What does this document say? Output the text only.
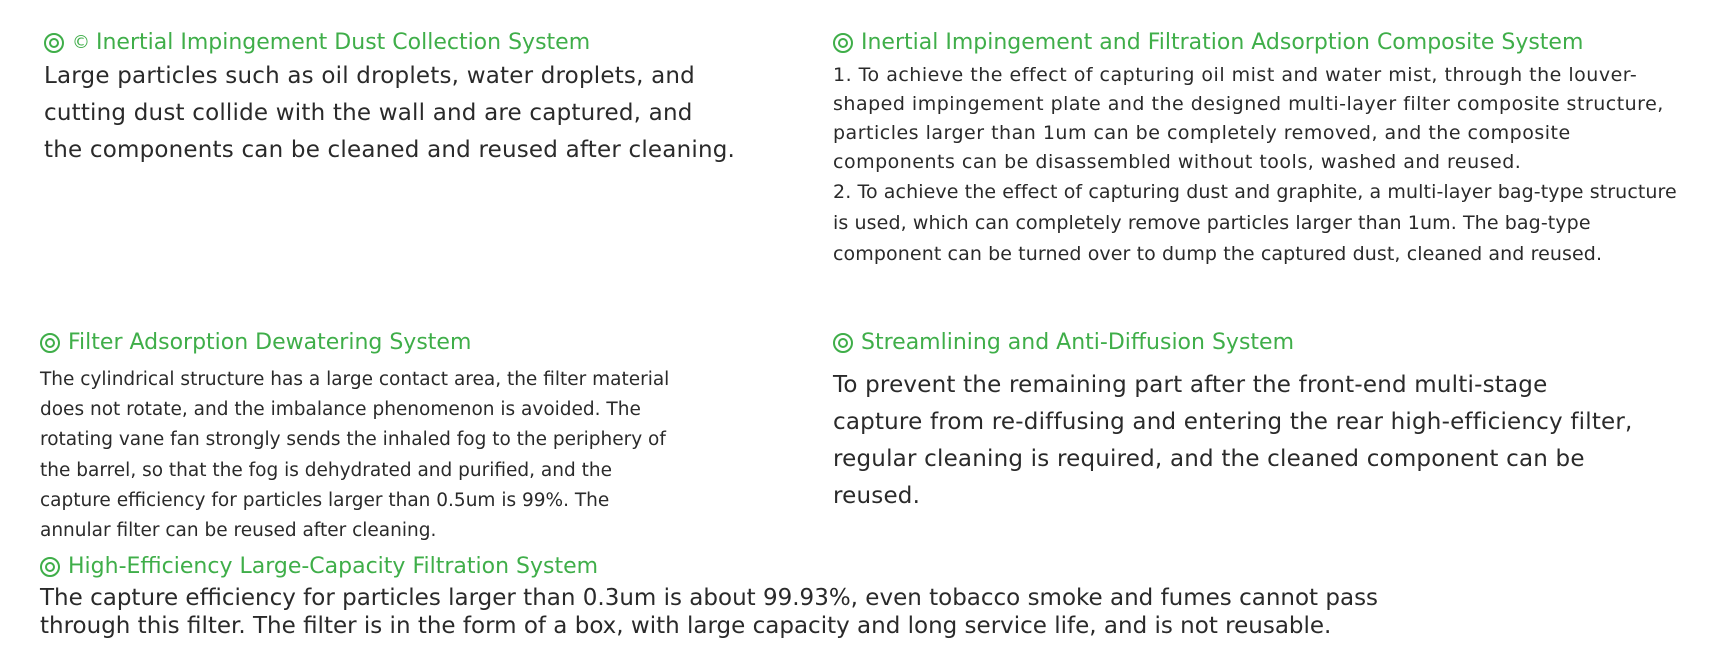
© Inertial Impingement Dust Collection System
Large particles such as oil droplets, water droplets, and
cutting dust collide with the wall and are captured, and
the components can be cleaned and reused after cleaning.
Inertial Impingement and Filtration Adsorption Composite System
1. To achieve the effect of capturing oil mist and water mist, through the louver-
shaped impingement plate and the designed multi-layer filter composite structure,
particles larger than 1um can be completely removed, and the composite
components can be disassembled without tools, washed and reused.
2. To achieve the effect of capturing dust and graphite, a multi-layer bag-type structure
is used, which can completely remove particles larger than 1um. The bag-type
component can be turned over to dump the captured dust, cleaned and reused.
Filter Adsorption Dewatering System
The cylindrical structure has a large contact area, the filter material
does not rotate, and the imbalance phenomenon is avoided. The
rotating vane fan strongly sends the inhaled fog to the periphery of
the barrel, so that the fog is dehydrated and purified, and the
capture efficiency for particles larger than 0.5um is 99%. The
annular filter can be reused after cleaning.
Streamlining and Anti-Diffusion System
To prevent the remaining part after the front-end multi-stage
capture from re-diffusing and entering the rear high-efficiency filter,
regular cleaning is required, and the cleaned component can be
reused.
High-Efficiency Large-Capacity Filtration System
The capture efficiency for particles larger than 0.3um is about 99.93%, even tobacco smoke and fumes cannot pass
through this filter. The filter is in the form of a box, with large capacity and long service life, and is not reusable.
